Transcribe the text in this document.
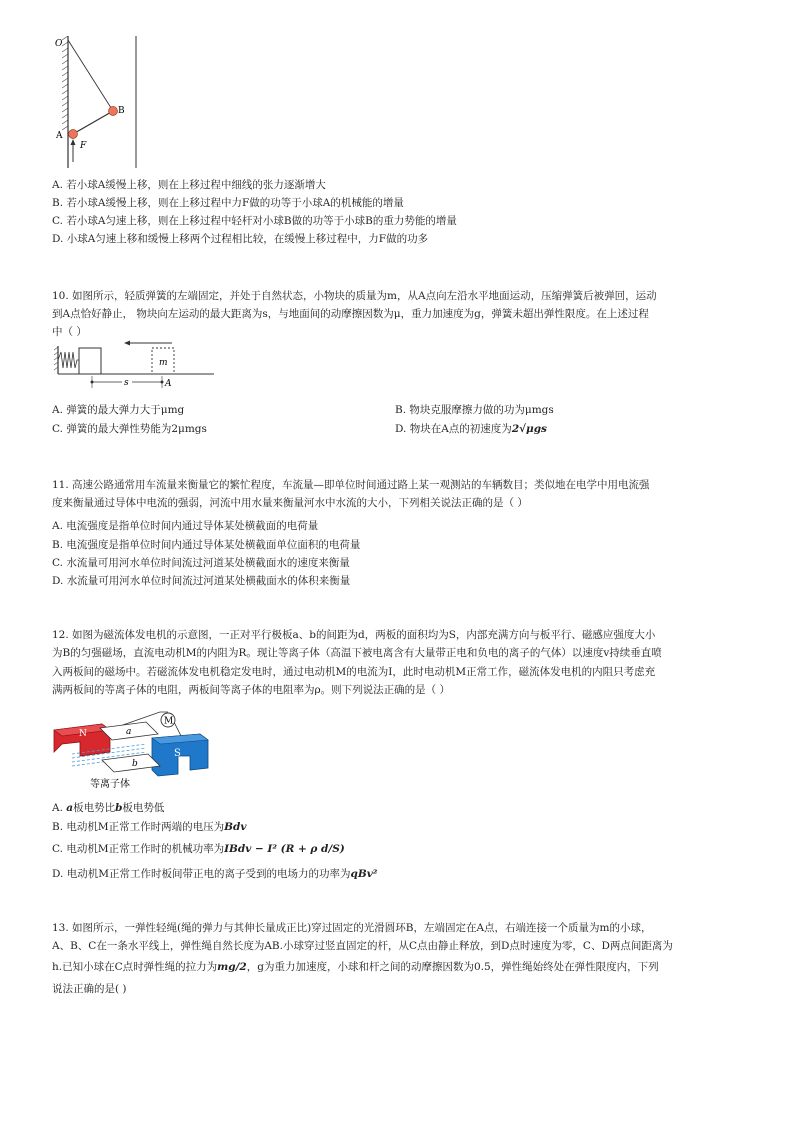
O
B
A
F
A. 若小球A缓慢上移，则在上移过程中细线的张力逐渐增大
B. 若小球A缓慢上移，则在上移过程中力F做的功等于小球A的机械能的增量
C. 若小球A匀速上移，则在上移过程中轻杆对小球B做的功等于小球B的重力势能的增量
D. 小球A匀速上移和缓慢上移两个过程相比较，在缓慢上移过程中，力F做的功多
10. 如图所示，轻质弹簧的左端固定，并处于自然状态，小物块的质量为m，从A点向左沿水平地面运动，压缩弹簧后被弹回，运动
到A点恰好静止， 物块向左运动的最大距离为s，与地面间的动摩擦因数为μ，重力加速度为g，弹簧未超出弹性限度。在上述过程
中（ ）
m
s	A
A. 弹簧的最大弹力大于μmg	B. 物块克服摩擦力做的功为μmgs
C. 弹簧的最大弹性势能为2μmgs	D. 物块在A点的初速度为2√μgs
11. 高速公路通常用车流量来衡量它的繁忙程度，车流量—即单位时间通过路上某一观测站的车辆数目；类似地在电学中用电流强
度来衡量通过导体中电流的强弱，河流中用水量来衡量河水中水流的大小，下列相关说法正确的是（ ）
A. 电流强度是指单位时间内通过导体某处横截面的电荷量
B. 电流强度是指单位时间内通过导体某处横截面单位面积的电荷量
C. 水流量可用河水单位时间流过河道某处横截面水的速度来衡量
D. 水流量可用河水单位时间流过河道某处横截面水的体积来衡量
12. 如图为磁流体发电机的示意图，一正对平行极板a、b的间距为d，两板的面积均为S，内部充满方向与板平行、磁感应强度大小
为B的匀强磁场，直流电动机M的内阻为R。现让等离子体（高温下被电离含有大量带正电和负电的离子的气体）以速度v持续垂直喷
入两板间的磁场中。若磁流体发电机稳定发电时，通过电动机M的电流为I，此时电动机M正常工作，磁流体发电机的内阻只考虑充
满两板间的等离子体的电阻，两板间等离子体的电阻率为ρ。则下列说法正确的是（ ）
M
N	a
S
b
等离子体
A. a板电势比b板电势低
B. 电动机M正常工作时两端的电压为Bdv
C. 电动机M正常工作时的机械功率为IBdv − I² (R + ρ d/S)
D. 电动机M正常工作时板间带正电的离子受到的电场力的功率为qBv²
13. 如图所示，一弹性轻绳(绳的弹力与其伸长量成正比)穿过固定的光滑圆环B，左端固定在A点，右端连接一个质量为m的小球，
A、B、C在一条水平线上，弹性绳自然长度为AB.小球穿过竖直固定的杆，从C点由静止释放，到D点时速度为零，C、D两点间距离为
h.已知小球在C点时弹性绳的拉力为mg/2，g为重力加速度，小球和杆之间的动摩擦因数为0.5，弹性绳始终处在弹性限度内，下列
说法正确的是( )
